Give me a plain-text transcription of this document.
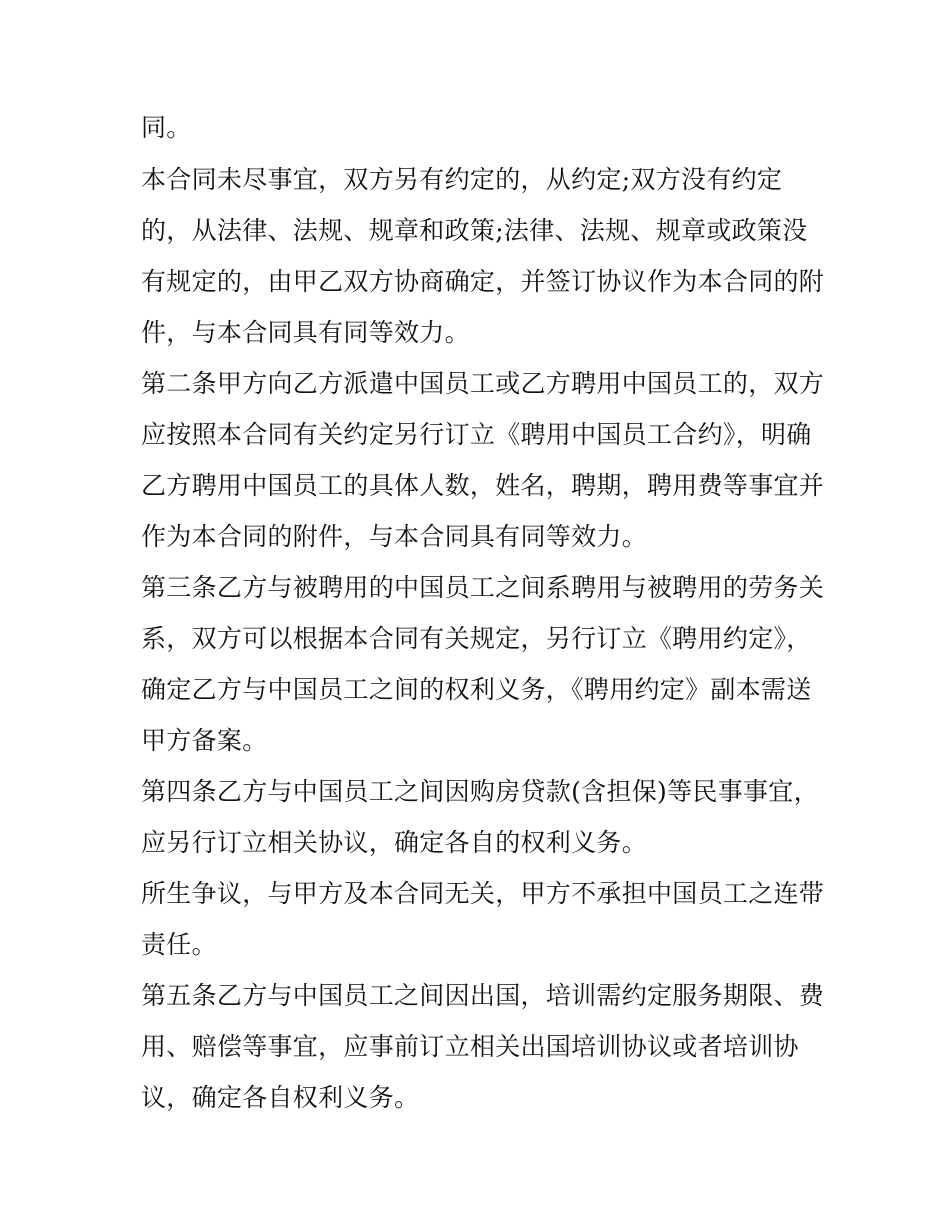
同。
本合同未尽事宜，双方另有约定的，从约定;双方没有约定
的，从法律、法规、规章和政策;法律、法规、规章或政策没
有规定的，由甲乙双方协商确定，并签订协议作为本合同的附
件，与本合同具有同等效力。
第二条甲方向乙方派遣中国员工或乙方聘用中国员工的，双方
应按照本合同有关约定另行订立《聘用中国员工合约》，明确
乙方聘用中国员工的具体人数，姓名，聘期，聘用费等事宜并
作为本合同的附件，与本合同具有同等效力。
第三条乙方与被聘用的中国员工之间系聘用与被聘用的劳务关
系，双方可以根据本合同有关规定，另行订立《聘用约定》，
确定乙方与中国员工之间的权利义务，《聘用约定》副本需送
甲方备案。
第四条乙方与中国员工之间因购房贷款(含担保)等民事事宜，
应另行订立相关协议，确定各自的权利义务。
所生争议，与甲方及本合同无关，甲方不承担中国员工之连带
责任。
第五条乙方与中国员工之间因出国，培训需约定服务期限、费
用、赔偿等事宜，应事前订立相关出国培训协议或者培训协
议，确定各自权利义务。
